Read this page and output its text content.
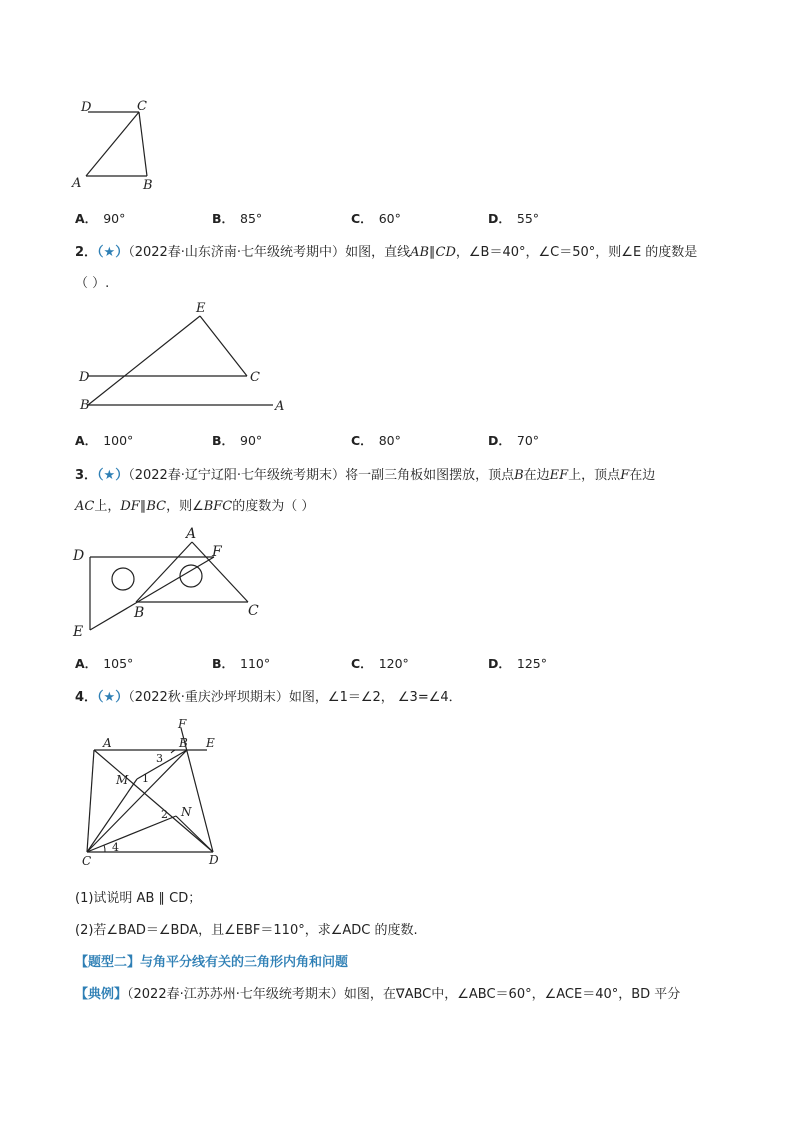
D	C
A	B
A． 90°	B． 85°	C． 60°	D． 55°
2．（★）（2022春·山东济南·七年级统考期中）如图，直线AB∥CD，∠B＝40°，∠C＝50°，则∠E 的度数是
（ ）.
E
D	C
B	A
A． 100°	B． 90°	C． 80°	D． 70°
3．（★）（2022春·辽宁辽阳·七年级统考期末）将一副三角板如图摆放，顶点B在边EF上，顶点F在边
AC上，DF∥BC，则∠BFC的度数为（ ）
A
F
D
B	C
E
A． 105°	B． 110°	C． 120°	D． 125°
4．（★）（2022秋·重庆沙坪坝期末）如图，∠1＝∠2， ∠3=∠4．
F
A	B E
3
M 1
N
2
4
C	D
(1)试说明 AB ∥ CD；
(2)若∠BAD＝∠BDA，且∠EBF＝110°，求∠ADC 的度数.
【题型二】与角平分线有关的三角形内角和问题
【典例】（2022春·江苏苏州·七年级统考期末）如图，在∇ABC中，∠ABC＝60°，∠ACE＝40°，BD 平分
